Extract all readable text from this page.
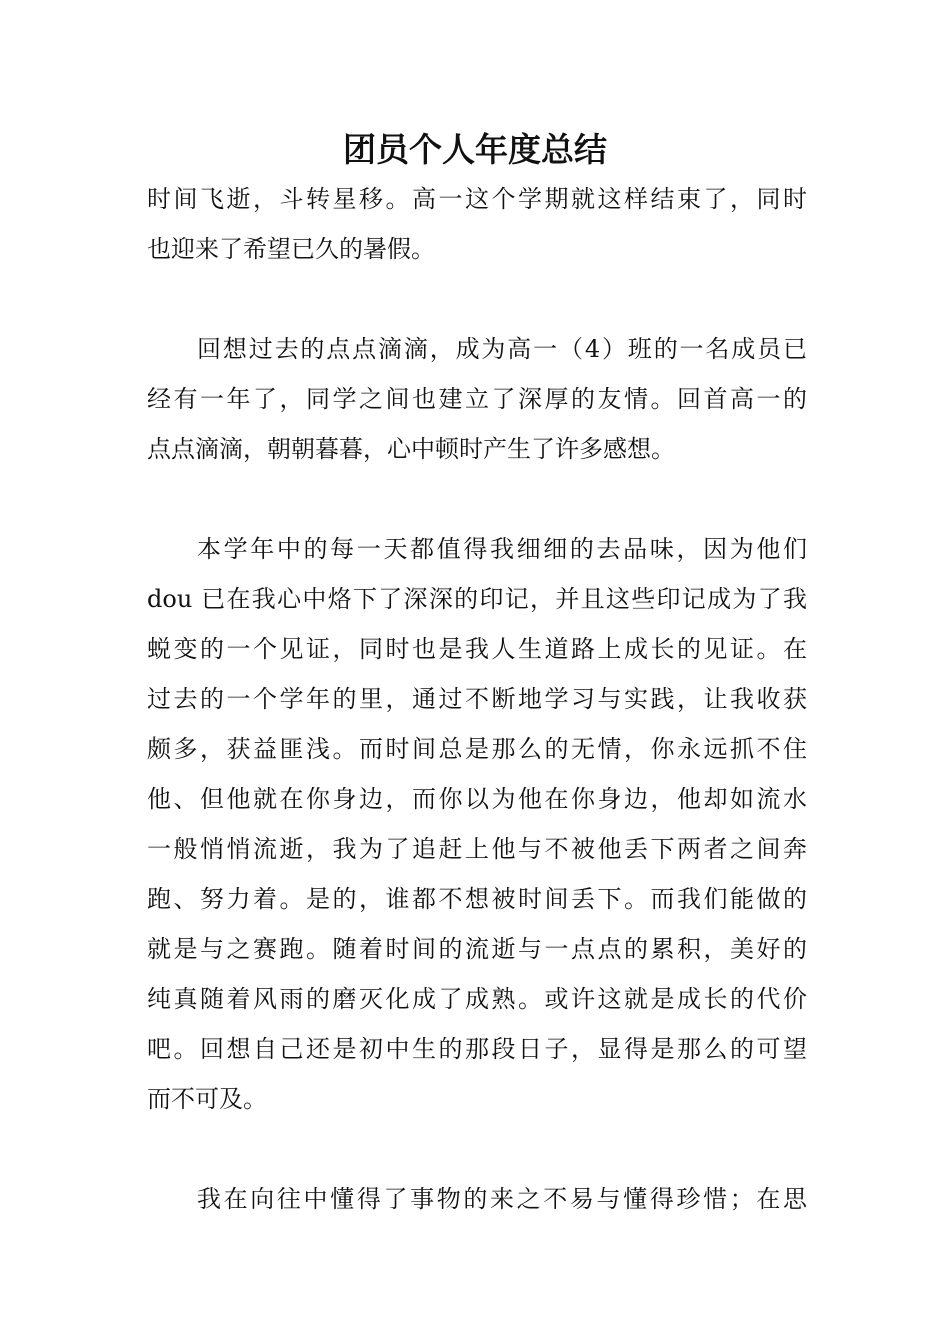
团员个人年度总结

时间飞逝，斗转星移。高一这个学期就这样结束了，同时

也迎来了希望已久的暑假。

回想过去的点点滴滴，成为高一（4）班的一名成员已

经有一年了，同学之间也建立了深厚的友情。回首高一的

点点滴滴，朝朝暮暮，心中顿时产生了许多感想。

本学年中的每一天都值得我细细的去品味，因为他们

dou 已在我心中烙下了深深的印记，并且这些印记成为了我

蜕变的一个见证，同时也是我人生道路上成长的见证。在

过去的一个学年的里，通过不断地学习与实践，让我收获

颇多，获益匪浅。而时间总是那么的无情，你永远抓不住

他、但他就在你身边，而你以为他在你身边，他却如流水

一般悄悄流逝，我为了追赶上他与不被他丢下两者之间奔

跑、努力着。是的，谁都不想被时间丢下。而我们能做的

就是与之赛跑。随着时间的流逝与一点点的累积，美好的

纯真随着风雨的磨灭化成了成熟。或许这就是成长的代价

吧。回想自己还是初中生的那段日子，显得是那么的可望

而不可及。

我在向往中懂得了事物的来之不易与懂得珍惜；在思
